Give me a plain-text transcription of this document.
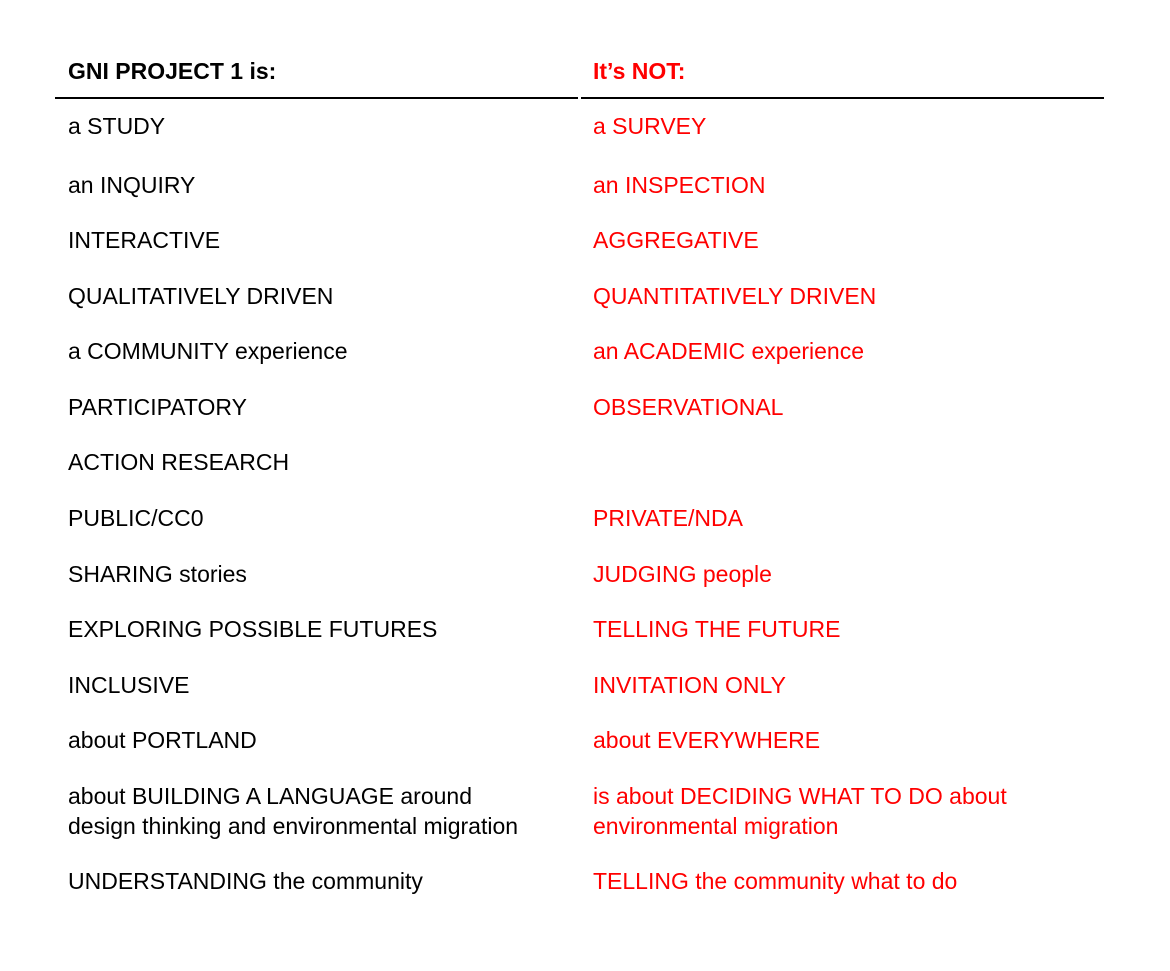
GNI PROJECT 1 is:	It’s NOT:
a STUDY	a SURVEY
an INQUIRY	an INSPECTION
INTERACTIVE	AGGREGATIVE
QUALITATIVELY DRIVEN	QUANTITATIVELY DRIVEN
a COMMUNITY experience	an ACADEMIC experience
PARTICIPATORY	OBSERVATIONAL
ACTION RESEARCH
PUBLIC/CC0	PRIVATE/NDA
SHARING stories	JUDGING people
EXPLORING POSSIBLE FUTURES	TELLING THE FUTURE
INCLUSIVE	INVITATION ONLY
about PORTLAND	about EVERYWHERE
about BUILDING A LANGUAGE around	is about DECIDING WHAT TO DO about
design thinking and environmental migration	environmental migration
UNDERSTANDING the community	TELLING the community what to do
